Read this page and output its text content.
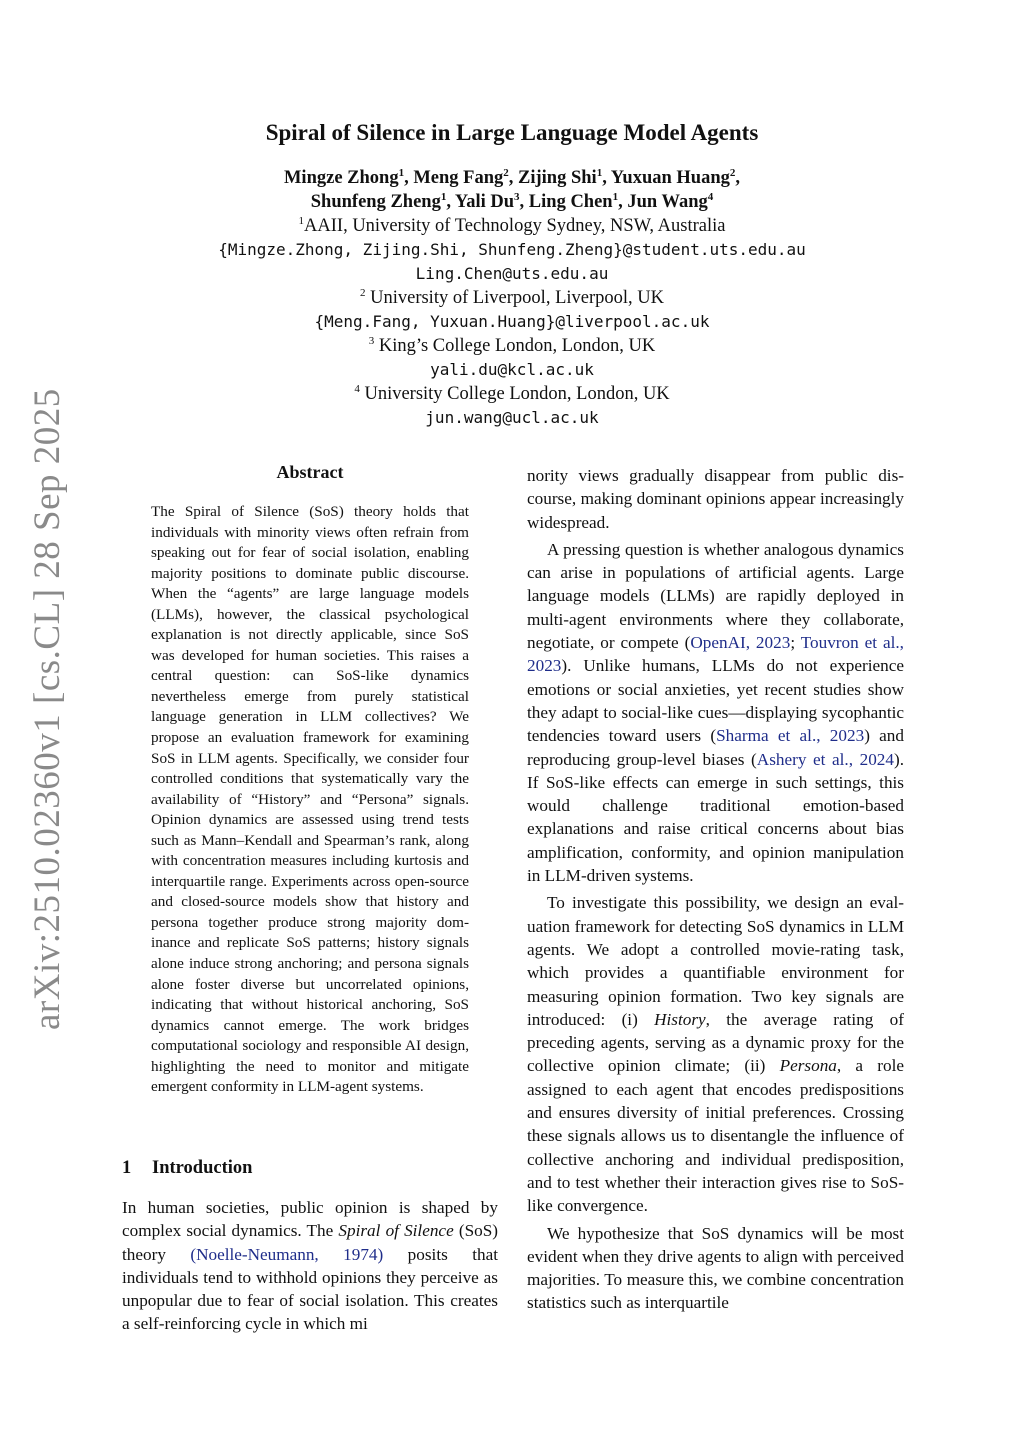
arXiv:2510.02360v1 [cs.CL] 28 Sep 2025
Spiral of Silence in Large Language Model Agents
Mingze Zhong$^1$, Meng Fang$^2$, Zijing Shi$^1$, Yuxuan Huang$^2$,
Shunfeng Zheng$^1$, Yali Du$^3$, Ling Chen$^1$, Jun Wang$^4$
$^1$AAII, University of Technology Sydney, NSW, Australia
{Mingze.Zhong, Zijing.Shi, Shunfeng.Zheng}@student.uts.edu.au
Ling.Chen@uts.edu.au
$^2$ University of Liverpool, Liverpool, UK
{Meng.Fang, Yuxuan.Huang}@liverpool.ac.uk
$^3$ King’s College London, London, UK
yali.du@kcl.ac.uk
$^4$ University College London, London, UK
jun.wang@ucl.ac.uk
Abstract
The Spiral of Silence (SoS) theory holds that individuals with minority views often refrain from speaking out for fear of social isolation, enabling majority positions to dominate public discourse. When the “agents” are large language models (LLMs), however, the classical psychological explanation is not directly applicable, since SoS was developed for human societies. This raises a central question: can SoS-like dynamics nevertheless emerge from purely statistical language generation in LLM collectives? We propose an evaluation framework for examining SoS in LLM agents. Specifically, we consider four controlled conditions that systematically vary the availability of “History” and “Persona” signals. Opinion dynamics are assessed using trend tests such as Mann–Kendall and Spearman’s rank, along with concentration measures including kurtosis and interquartile range. Experiments across open-source and closed-source models show that history and persona together produce strong majority dominance and replicate SoS patterns; history signals alone induce strong anchoring; and persona signals alone foster diverse but uncorrelated opinions, indicating that without historical anchoring, SoS dynamics cannot emerge. The work bridges computational sociology and responsible AI design, highlighting the need to monitor and mitigate emergent conformity in LLM-agent systems.
1 Introduction

In human societies, public opinion is shaped by complex social dynamics. The Spiral of Silence (SoS) theory (Noelle-Neumann, 1974) posits that individuals tend to withhold opinions they perceive as unpopular due to fear of social isolation. This creates a self-reinforcing cycle in which mi

nority views gradually disappear from public discourse, making dominant opinions appear increasingly widespread.

A pressing question is whether analogous dynamics can arise in populations of artificial agents. Large language models (LLMs) are rapidly deployed in multi-agent environments where they collaborate, negotiate, or compete (OpenAI, 2023; Touvron et al., 2023). Unlike humans, LLMs do not experience emotions or social anxieties, yet recent studies show they adapt to social-like cues—displaying sycophantic tendencies toward users (Sharma et al., 2023) and reproducing group-level biases (Ashery et al., 2024). If SoS-like effects can emerge in such settings, this would challenge traditional emotion-based explanations and raise critical concerns about bias amplification, conformity, and opinion manipulation in LLM-driven systems.

To investigate this possibility, we design an evaluation framework for detecting SoS dynamics in LLM agents. We adopt a controlled movie-rating task, which provides a quantifiable environment for measuring opinion formation. Two key signals are introduced: (i) History, the average rating of preceding agents, serving as a dynamic proxy for the collective opinion climate; (ii) Persona, a role assigned to each agent that encodes predispositions and ensures diversity of initial preferences. Crossing these signals allows us to disentangle the influence of collective anchoring and individual predisposition, and to test whether their interaction gives rise to SoS-like convergence.

We hypothesize that SoS dynamics will be most evident when they drive agents to align with perceived majorities. To measure this, we combine concentration statistics such as interquartile
